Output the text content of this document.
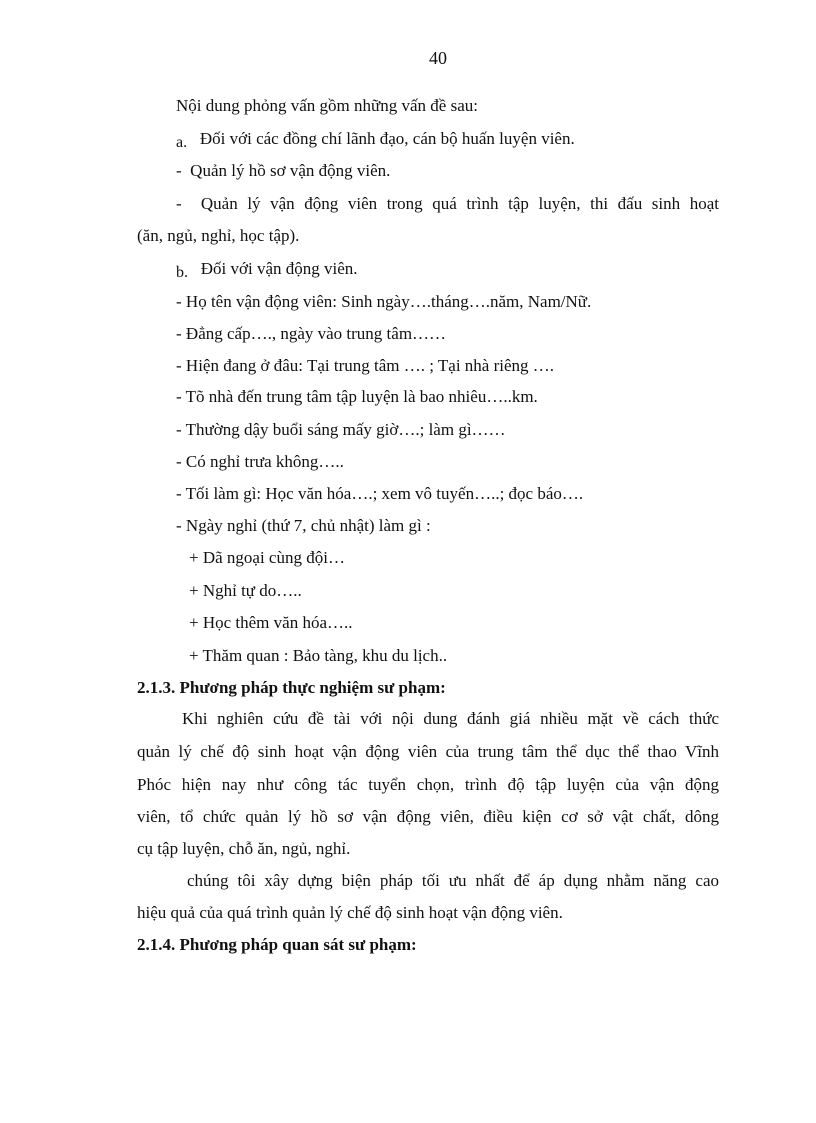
40

Nội dung phỏng vấn gồm những vấn đề sau:

a. Đối với các đồng chí lãnh đạo, cán bộ huấn luyện viên.

- Quản lý hồ sơ vận động viên.

- Quản lý vận động viên trong quá trình tập luyện, thi đấu sinh hoạt

(ăn, ngủ, nghỉ, học tập).

b. Đối với vận động viên.

- Họ tên vận động viên: Sinh ngày….tháng….năm, Nam/Nữ.

- Đẳng cấp…., ngày vào trung tâm……

- Hiện đang ở đâu: Tại trung tâm …. ; Tại nhà riêng ….

- Tõ nhà đến trung tâm tập luyện là bao nhiêu…..km.

- Thường dậy buổi sáng mấy giờ….; làm gì……

- Có nghỉ trưa không…..

- Tối làm gì: Học văn hóa….; xem vô tuyến…..; đọc báo….

- Ngày nghỉ (thứ 7, chủ nhật) làm gì :

+ Dã ngoại cùng đội…

+ Nghỉ tự do…..

+ Học thêm văn hóa…..

+ Thăm quan : Bảo tàng, khu du lịch..

2.1.3. Phương pháp thực nghiệm sư phạm:

Khi nghiên cứu đề tài với nội dung đánh giá nhiều mặt về cách thức

quản lý chế độ sinh hoạt vận động viên của trung tâm thể dục thể thao Vĩnh

Phóc hiện nay như công tác tuyển chọn, trình độ tập luyện của vận động

viên, tổ chức quản lý hồ sơ vận động viên, điều kiện cơ sở vật chất, dông

cụ tập luyện, chỗ ăn, ngủ, nghỉ.

chúng tôi xây dựng biện pháp tối ưu nhất để áp dụng nhằm năng cao

hiệu quả của quá trình quản lý chế độ sinh hoạt vận động viên.

2.1.4. Phương pháp quan sát sư phạm:
